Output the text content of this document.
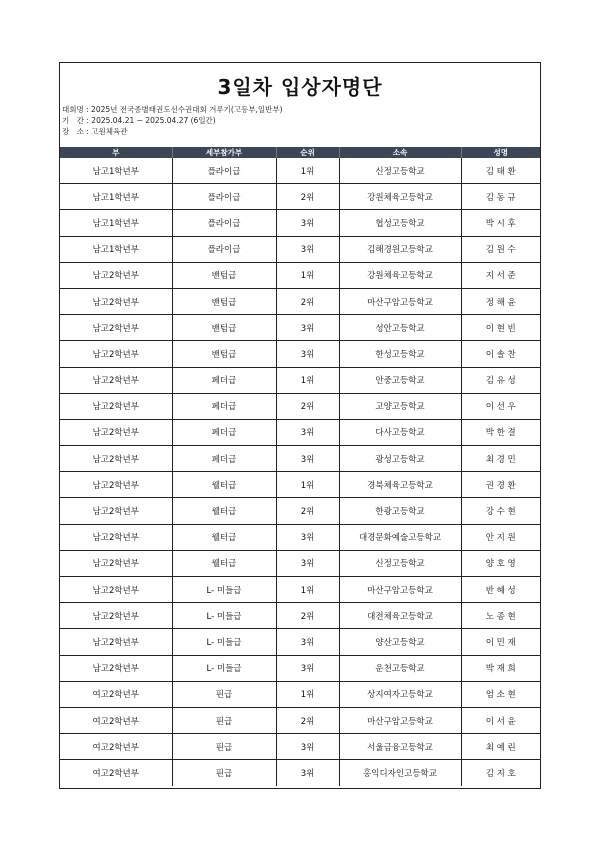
3일차 입상자명단
대회명 : 2025년 전국종별태권도선수권대회 겨루기(고등부,일반부)
기　간 : 2025.04.21 ~ 2025.04.27 (6일간)
장　소 : 고원체육관
부	세부참가부	순위	소속	성명
남고1학년부	플라이급	1위	신정고등학교	김 태 환
남고1학년부	플라이급	2위	강원체육고등학교	김 동 규
남고1학년부	플라이급	3위	협성고등학교	박 시 후
남고1학년부	플라이급	3위	김해경원고등학교	김 원 수
남고2학년부	밴텀급	1위	강원체육고등학교	지 서 준
남고2학년부	밴텀급	2위	마산구암고등학교	정 해 윤
남고2학년부	밴텀급	3위	성안고등학교	이 현 빈
남고2학년부	밴텀급	3위	한성고등학교	이 솔 찬
남고2학년부	페더급	1위	안중고등학교	김 유 성
남고2학년부	페더급	2위	고양고등학교	이 선 우
남고2학년부	페더급	3위	다사고등학교	박 한 결
남고2학년부	페더급	3위	광성고등학교	최 경 민
남고2학년부	웰터급	1위	경북체육고등학교	권 경 환
남고2학년부	웰터급	2위	한광고등학교	강 수 현
남고2학년부	웰터급	3위	대경문화예술고등학교	안 지 원
남고2학년부	웰터급	3위	신정고등학교	양 호 영
남고2학년부	L- 미들급	1위	마산구암고등학교	반 혜 성
남고2학년부	L- 미들급	2위	대전체육고등학교	노 종 현
남고2학년부	L- 미들급	3위	양산고등학교	이 민 재
남고2학년부	L- 미들급	3위	운천고등학교	박 재 희
여고2학년부	핀급	1위	상지여자고등학교	엄 소 현
여고2학년부	핀급	2위	마산구암고등학교	이 서 윤
여고2학년부	핀급	3위	서울금융고등학교	최 예 린
여고2학년부	핀급	3위	홍익디자인고등학교	김 지 호
